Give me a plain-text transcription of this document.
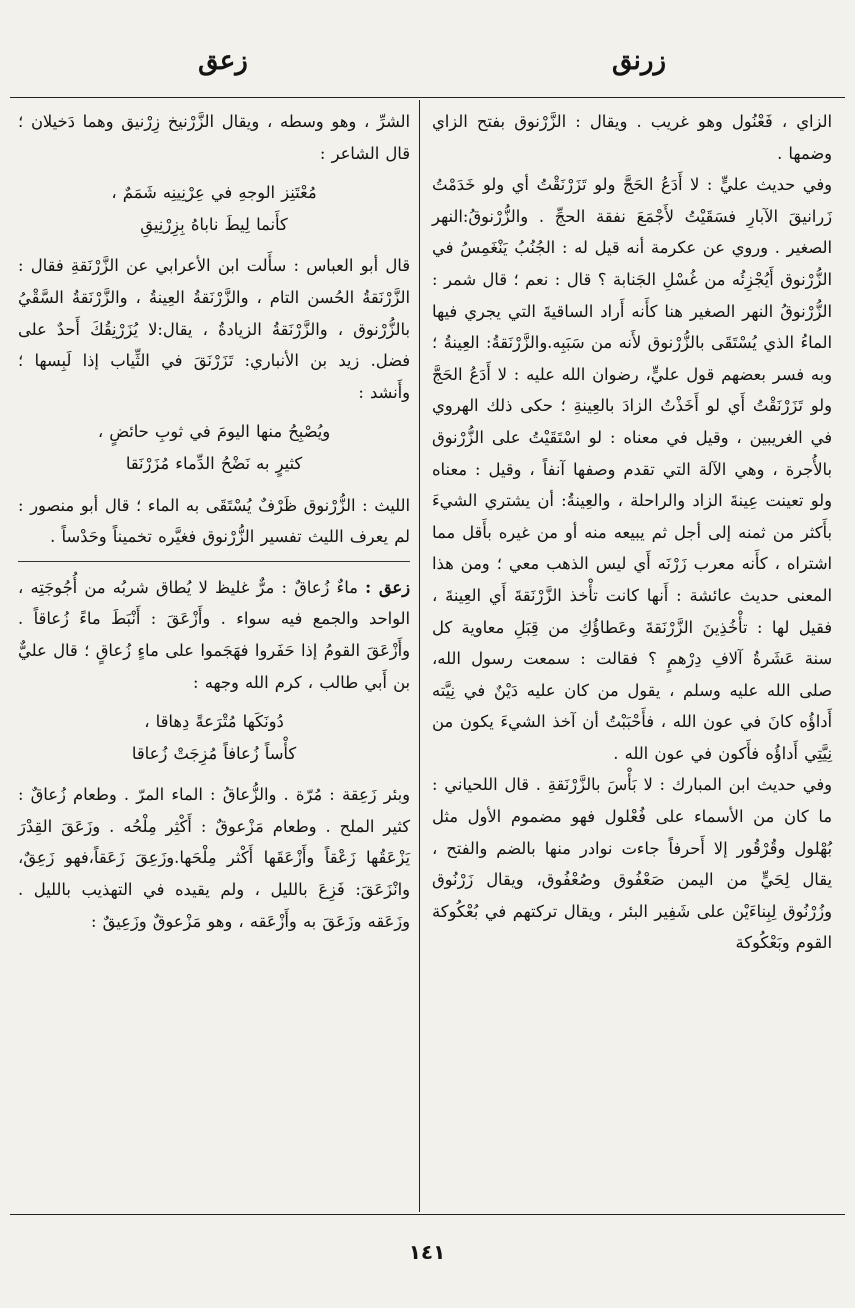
زرنق
زعق

الزاي ، فَعْنُول وهو غريب . ويقال : الزَّرْنوق بفتح الزاي وضمها .

وفي حديث عليٍّ : لا أَدَعُ الحَجَّ ولو تَزَرْنَقْتُ أي ولو خَدَمْتُ زَرانيقَ الآبارِ فسَقَيْتُ لأَجْمَعَ نفقة الحجِّ . والزُّرْنوقُ:النهر الصغير . وروي عن عكرمة أنه قيل له : الجُنُبُ يَنْغَمِسُ في الزُّرْنوق أَيُجْزِئُه من غُسْلِ الجَنابة ؟ قال : نعم ؛ قال شمر : الزُّرْنوقُ النهر الصغير هنا كأَنه أَراد الساقيةَ التي يجري فيها الماءُ الذي يُسْتَقَى بالزُّرْنوق لأَنه من سَبَبِه.والزَّرْنَقةُ: العِينةُ ؛ وبه فسر بعضهم قول عليٍّ، رضوان الله عليه : لا أَدَعُ الحَجَّ ولو تَزَرْنَقْتُ أَي لو أَخَذْتُ الزادَ بالعِينةِ ؛ حكى ذلك الهروي في الغريبين ، وقيل في معناه : لو اسْتَقَيْتُ على الزُّرْنوق بالأُجرة ، وهي الآلة التي تقدم وصفها آنفاً ، وقيل : معناه ولو تعينت عِينةَ الزاد والراحلة ، والعِينةُ: أن يشتري الشيءَ بأَكثر من ثمنه إلى أجل ثم يبيعه منه أو من غيره بأَقل مما اشتراه ، كأَنه معرب زَرْنَه أَي ليس الذهب معي ؛ ومن هذا المعنى حديث عائشة : أَنها كانت تأْخذ الزَّرْنَقةَ أَي العِينةَ ، فقيل لها : تأْخُذِينَ الزَّرْنَقةَ وعَطاؤُكِ من قِبَلِ معاوية كل سنة عَشَرةُ آلافِ دِرْهمٍ ؟ فقالت : سمعت رسول الله، صلى الله عليه وسلم ، يقول من كان عليه دَيْنٌ في نِيَّته أَداؤُه كانَ في عون الله ، فأَحْبَبْتُ أن آخذ الشيءَ يكون من نِيَّتِي أَداؤُه فأَكون في عون الله .

وفي حديث ابن المبارك : لا بَأْسَ بالزَّرْنَقةِ . قال اللحياني : ما كان من الأسماء على فُعْلول فهو مضموم الأول مثل بُهْلول وقُرْقُور إلا أَحرفاً جاءت نوادر منها بالضم والفتح ، يقال لِحَيٍّ من اليمن صَعْفُوق وصُعْفُوق، ويقال زَرْنُوق وزُرْنُوق لِبِناءَيْن على شَفِير البئر ، ويقال تركتهم في بُعْكُوكة القوم وبَعْكُوكة

الشرِّ ، وهو وسطه ، ويقال الزَّرْنيخ زِرْنيق وهما دَخيلان ؛ قال الشاعر :

مُعْتَنِز الوجهِ في عِرْنِينِه شَمَمٌ ،
كأَنما لِيطَ ناباهُ بِزِرْنِيقِ

قال أبو العباس : سأَلت ابن الأعرابي عن الزَّرْنَقةِ فقال : الزَّرْنَقةُ الحُسن التام ، والزَّرْنَقةُ العِينةُ ، والزَّرْنَقةُ السَّقْيُ بالزُّرْنوق ، والزَّرْنَقةُ الزيادةُ ، يقال:لا يُزَرْنِقُكَ أَحدٌ على فضل. زيد بن الأنباري: تَزَرْنَقَ في الثِّياب إذا لَبِسها ؛ وأَنشد :

ويُصْبِحُ منها اليومَ في ثوبِ حائضٍ ،
كثيرٍ به نَضْحُ الدِّماء مُزَرْنَقا

الليث : الزُّرْنوق ظَرْفٌ يُسْتَقَى به الماء ؛ قال أبو منصور : لم يعرف الليث تفسير الزُّرْنوق فغيَّره تخميناً وحَدْساً .

زعق : ماءٌ زُعاقٌ : مرٌّ غليظ لا يُطاق شربُه من أُجُوجَتِه ، الواحد والجمع فيه سواء . وأَزْعَقَ : أَنْبَطَ ماءً زُعاقاً . وأَزْعَقَ القومُ إذا حَفَروا فهَجَموا على ماءٍ زُعاقٍ ؛ قال عليٌّ بن أَبي طالب ، كرم الله وجهه :

دُونَكَها مُتْرَعةً دِهاقا ،
كأْساً زُعافاً مُزِجَتْ زُعاقا

وبئر زَعِقة : مُرّة . والزُّعاقُ : الماء المرّ . وطعام زُعاقٌ : كثير الملح . وطعام مَزْعوقٌ : أَكْثِر مِلْحُه . وزَعَقَ القِدْرَ يَزْعَقُها زَعْقاً وأَزْعَقَها أَكْثر مِلْحَها.وزَعِقَ زَعَقاً،فهو زَعِقٌ، وانْزَعَقَ: فَزِعَ بالليل ، ولم يقيده في التهذيب بالليل . وزَعَقه وزَعَقَ به وأَزْعَقه ، وهو مَزْعوقٌ وزَعِيقٌ :

١٤١
